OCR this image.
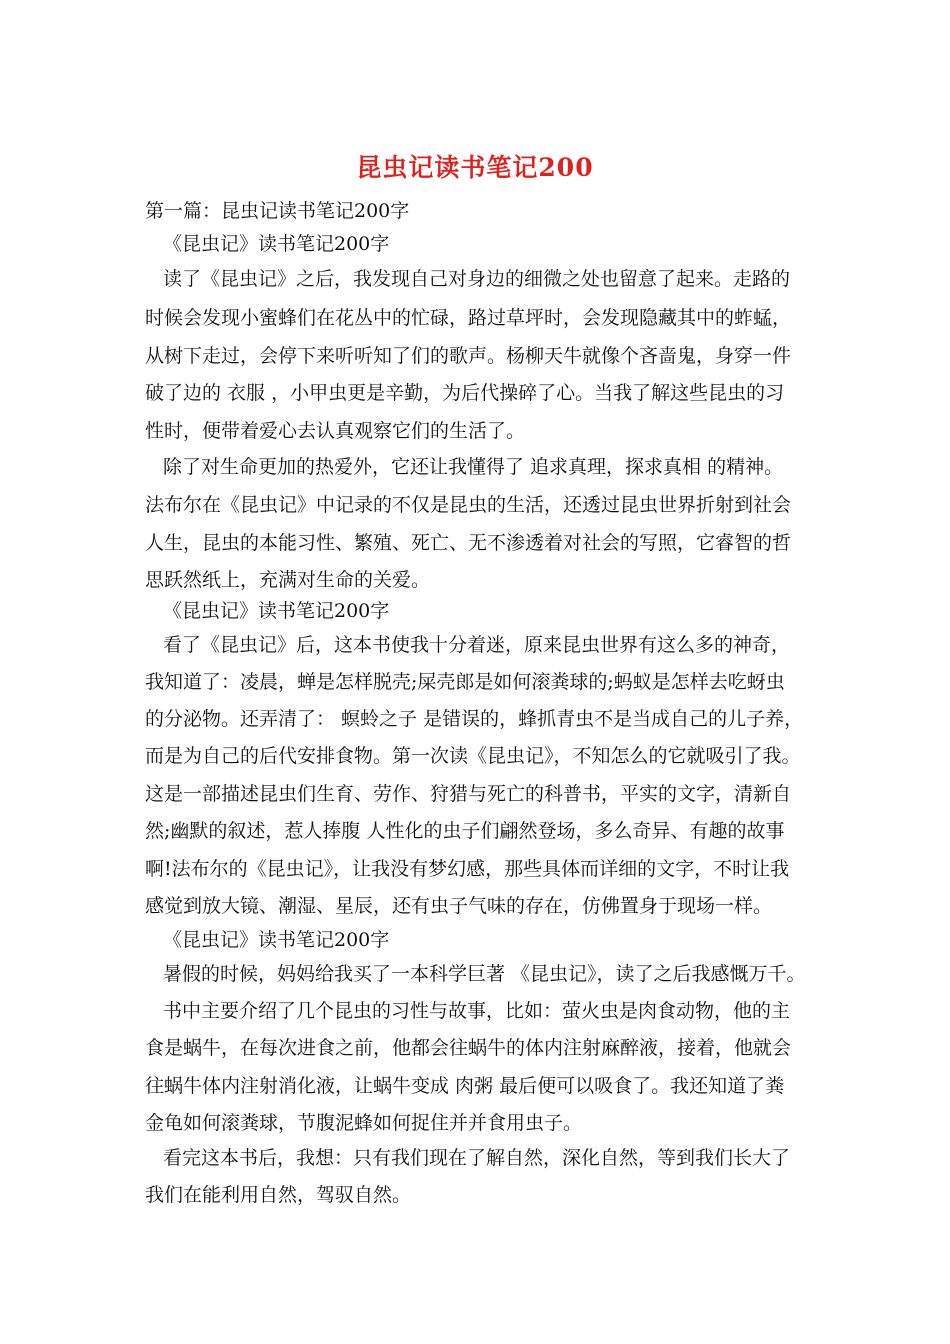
昆虫记读书笔记200
第一篇：昆虫记读书笔记200字
《昆虫记》读书笔记200字
读了《昆虫记》之后，我发现自己对身边的细微之处也留意了起来。走路的
时候会发现小蜜蜂们在花丛中的忙碌，路过草坪时，会发现隐藏其中的蚱蜢，
从树下走过，会停下来听听知了们的歌声。杨柳天牛就像个吝啬鬼，身穿一件
破了边的 衣服 ，小甲虫更是辛勤，为后代操碎了心。当我了解这些昆虫的习
性时，便带着爱心去认真观察它们的生活了。
除了对生命更加的热爱外，它还让我懂得了 追求真理，探求真相 的精神。
法布尔在《昆虫记》中记录的不仅是昆虫的生活，还透过昆虫世界折射到社会
人生，昆虫的本能习性、繁殖、死亡、无不渗透着对社会的写照，它睿智的哲
思跃然纸上，充满对生命的关爱。
《昆虫记》读书笔记200字
看了《昆虫记》后，这本书使我十分着迷，原来昆虫世界有这么多的神奇，
我知道了：凌晨，蝉是怎样脱壳;屎壳郎是如何滚粪球的;蚂蚁是怎样去吃蚜虫
的分泌物。还弄清了： 螟蛉之子 是错误的，蜂抓青虫不是当成自己的儿子养，
而是为自己的后代安排食物。第一次读《昆虫记》，不知怎么的它就吸引了我。
这是一部描述昆虫们生育、劳作、狩猎与死亡的科普书，平实的文字，清新自
然;幽默的叙述，惹人捧腹 人性化的虫子们翩然登场，多么奇异、有趣的故事
啊!法布尔的《昆虫记》，让我没有梦幻感，那些具体而详细的文字，不时让我
感觉到放大镜、潮湿、星辰，还有虫子气味的存在，仿佛置身于现场一样。
《昆虫记》读书笔记200字
暑假的时候，妈妈给我买了一本科学巨著 《昆虫记》，读了之后我感慨万千。
书中主要介绍了几个昆虫的习性与故事，比如：萤火虫是肉食动物，他的主
食是蜗牛，在每次进食之前，他都会往蜗牛的体内注射麻醉液，接着，他就会
往蜗牛体内注射消化液，让蜗牛变成 肉粥 最后便可以吸食了。我还知道了粪
金龟如何滚粪球，节腹泥蜂如何捉住并并食用虫子。
看完这本书后，我想：只有我们现在了解自然，深化自然，等到我们长大了
我们在能利用自然，驾驭自然。
